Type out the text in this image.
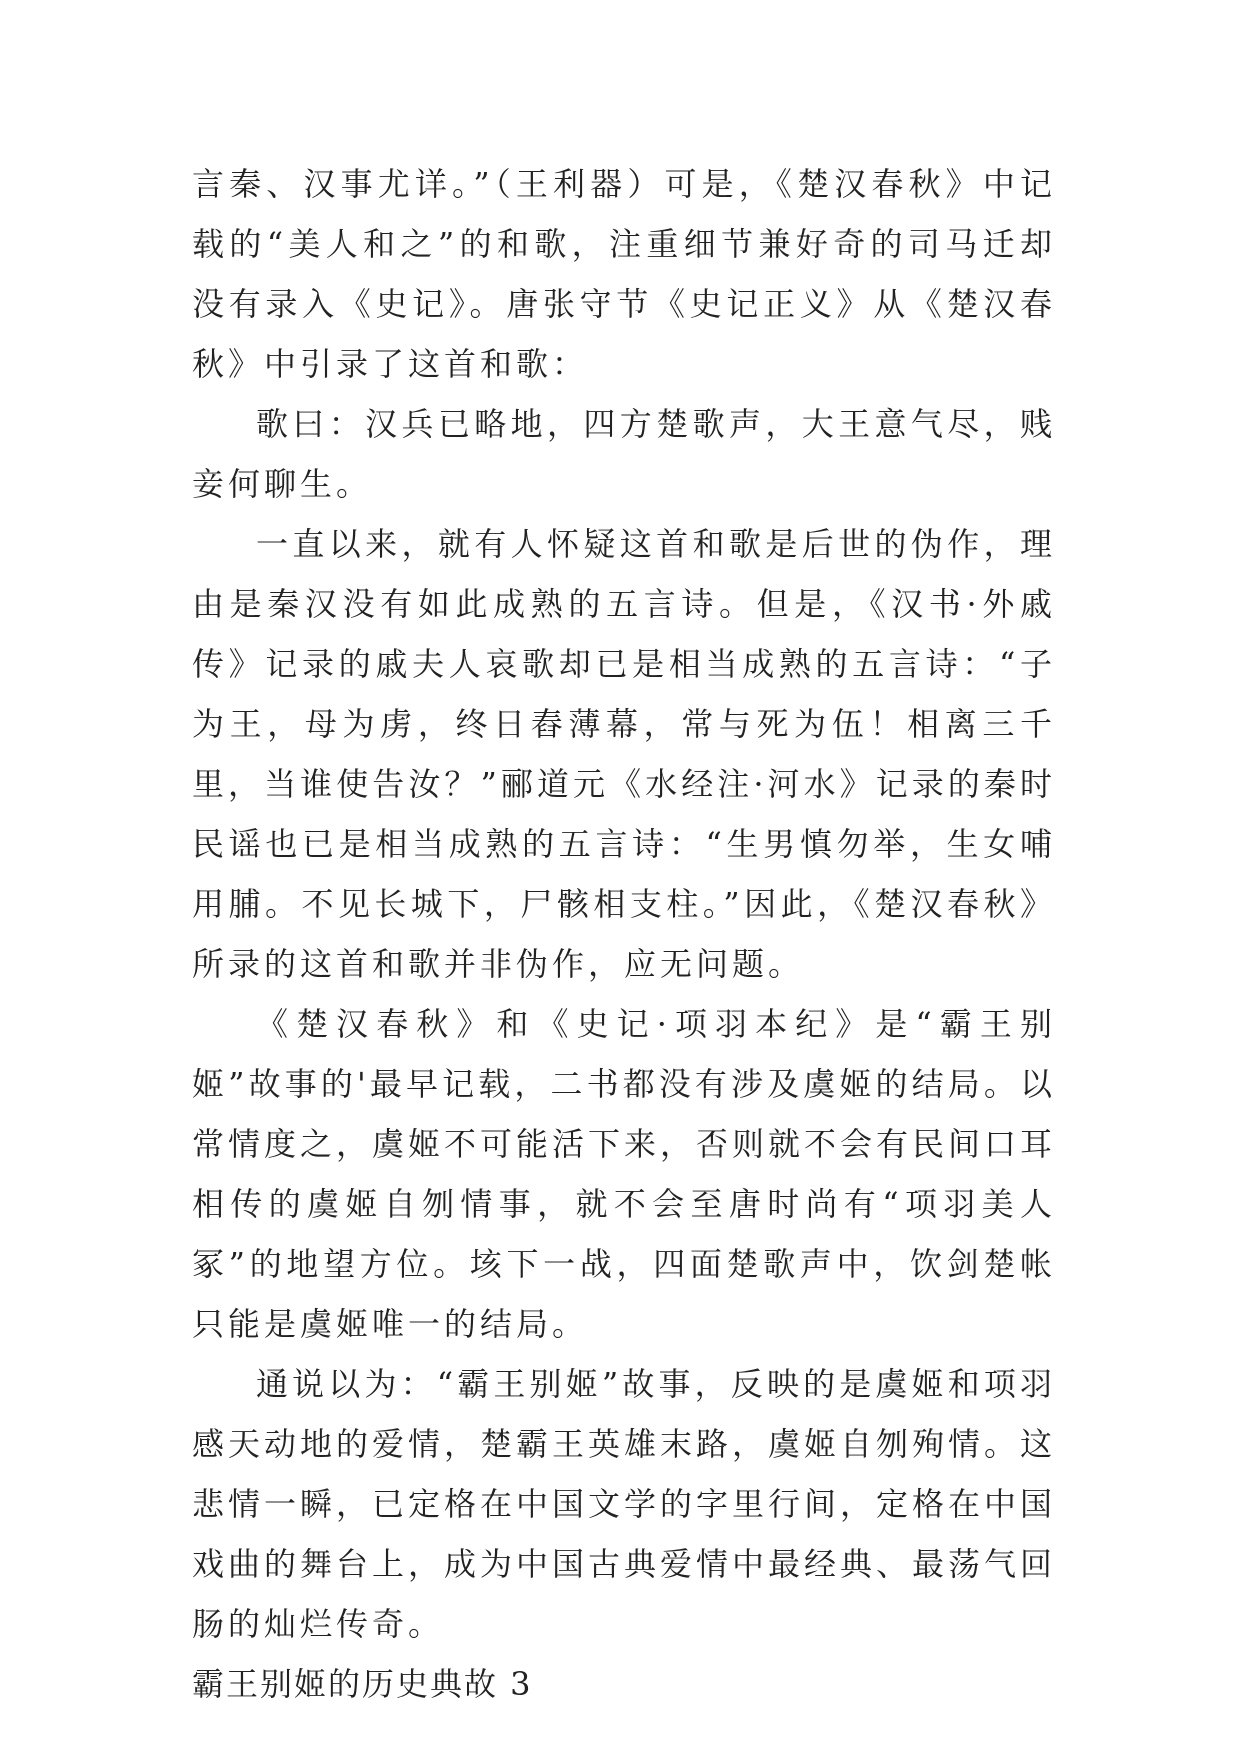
言秦、汉事尤详。”（王利器）可是，《楚汉春秋》中记载的“美人和之”的和歌，注重细节兼好奇的司马迁却没有录入《史记》。唐张守节《史记正义》从《楚汉春秋》中引录了这首和歌：

歌曰：汉兵已略地，四方楚歌声，大王意气尽，贱妾何聊生。

一直以来，就有人怀疑这首和歌是后世的伪作，理由是秦汉没有如此成熟的五言诗。但是，《汉书·外戚传》记录的戚夫人哀歌却已是相当成熟的五言诗：“子为王，母为虏，终日舂薄幕，常与死为伍！相离三千里，当谁使告汝？”郦道元《水经注·河水》记录的秦时民谣也已是相当成熟的五言诗：“生男慎勿举，生女哺用脯。不见长城下，尸骸相支柱。”因此，《楚汉春秋》所录的这首和歌并非伪作，应无问题。

《楚汉春秋》和《史记·项羽本纪》是“霸王别姬”故事的'最早记载，二书都没有涉及虞姬的结局。以常情度之，虞姬不可能活下来，否则就不会有民间口耳相传的虞姬自刎情事，就不会至唐时尚有“项羽美人冢”的地望方位。垓下一战，四面楚歌声中，饮剑楚帐只能是虞姬唯一的结局。

通说以为：“霸王别姬”故事，反映的是虞姬和项羽感天动地的爱情，楚霸王英雄末路，虞姬自刎殉情。这悲情一瞬，已定格在中国文学的字里行间，定格在中国戏曲的舞台上，成为中国古典爱情中最经典、最荡气回肠的灿烂传奇。

霸王别姬的历史典故 3
